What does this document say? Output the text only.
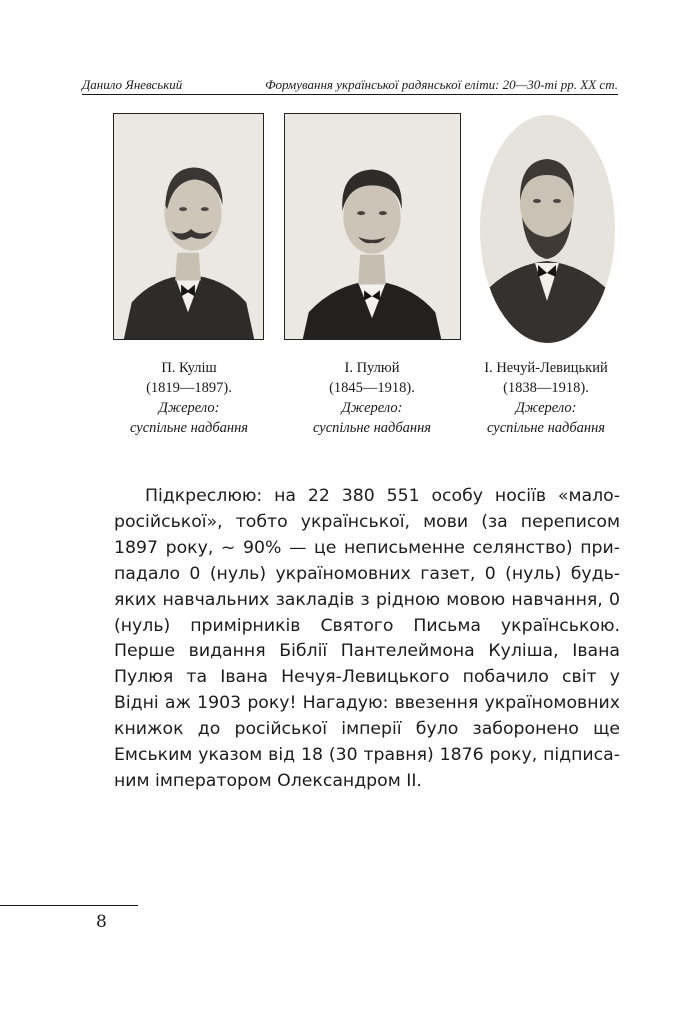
Данило Яневський	Формування української радянської еліти: 20—30-ті рр. ХХ ст.
П. Куліш
(1819—1897).
Джерело:
суспільне надбання
І. Пулюй
(1845—1918).
Джерело:
суспільне надбання
І. Нечуй-Левицький
(1838—1918).
Джерело:
суспільне надбання

Підкреслюю: на 22 380 551 особу носіїв «малоросійської», тобто української, мови (за переписом 1897 року, ~ 90% — це неписьменне селянство) припадало 0 (нуль) україномовних газет, 0 (нуль) будь-яких навчальних закладів з рідною мовою навчання, 0 (нуль) примірників Святого Письма українською. Перше видання Біблії Пантелеймона Куліша, Івана Пулюя та Івана Нечуя-Левицького побачило світ у Відні аж 1903 року! Нагадую: ввезення україномовних книжок до російської імперії було заборонено ще Емським указом від 18 (30 травня) 1876 року, підписаним імператором Олександром ІІ.

8
